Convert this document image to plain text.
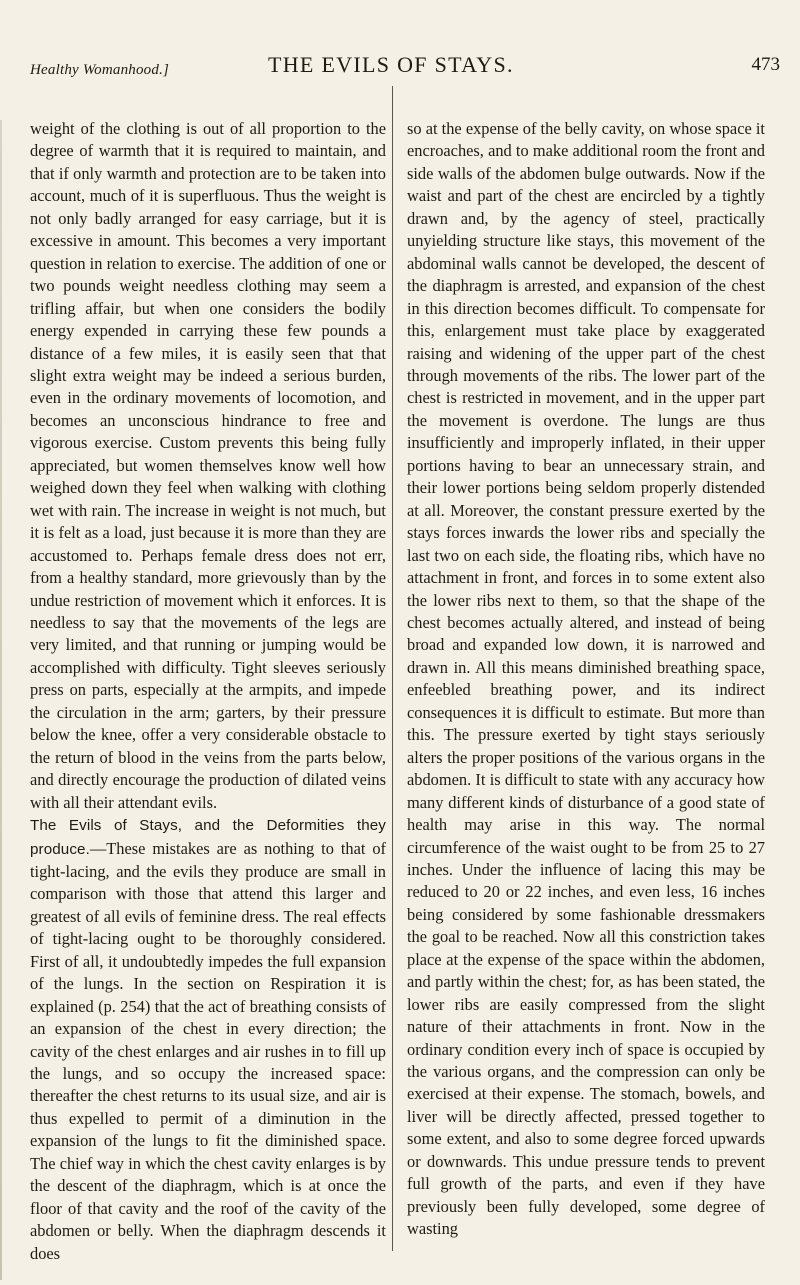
Healthy Womanhood.]	THE EVILS OF STAYS.	473

weight of the clothing is out of all proportion to the degree of warmth that it is required to maintain, and that if only warmth and protection are to be taken into account, much of it is superfluous. Thus the weight is not only badly arranged for easy carriage, but it is excessive in amount. This becomes a very important question in relation to exercise. The addition of one or two pounds weight needless clothing may seem a trifling affair, but when one considers the bodily energy expended in carrying these few pounds a distance of a few miles, it is easily seen that that slight extra weight may be indeed a serious burden, even in the ordinary movements of locomotion, and becomes an unconscious hindrance to free and vigorous exercise. Custom prevents this being fully appreciated, but women themselves know well how weighed down they feel when walking with clothing wet with rain. The increase in weight is not much, but it is felt as a load, just because it is more than they are accustomed to. Perhaps female dress does not err, from a healthy standard, more grievously than by the undue restriction of movement which it enforces. It is needless to say that the movements of the legs are very limited, and that running or jumping would be accomplished with difficulty. Tight sleeves seriously press on parts, especially at the armpits, and impede the circulation in the arm; garters, by their pressure below the knee, offer a very considerable obstacle to the return of blood in the veins from the parts below, and directly encourage the production of dilated veins with all their attendant evils.

The Evils of Stays, and the Deformities they produce.—These mistakes are as nothing to that of tight-lacing, and the evils they produce are small in comparison with those that attend this larger and greatest of all evils of feminine dress. The real effects of tight-lacing ought to be thoroughly considered. First of all, it undoubtedly impedes the full expansion of the lungs. In the section on Respiration it is explained (p. 254) that the act of breathing consists of an expansion of the chest in every direction; the cavity of the chest enlarges and air rushes in to fill up the lungs, and so occupy the increased space: thereafter the chest returns to its usual size, and air is thus expelled to permit of a diminution in the expansion of the lungs to fit the diminished space. The chief way in which the chest cavity enlarges is by the descent of the diaphragm, which is at once the floor of that cavity and the roof of the cavity of the abdomen or belly. When the diaphragm descends it does

so at the expense of the belly cavity, on whose space it encroaches, and to make additional room the front and side walls of the abdomen bulge outwards. Now if the waist and part of the chest are encircled by a tightly drawn and, by the agency of steel, practically unyielding structure like stays, this movement of the abdominal walls cannot be developed, the descent of the diaphragm is arrested, and expansion of the chest in this direction becomes difficult. To compensate for this, enlargement must take place by exaggerated raising and widening of the upper part of the chest through movements of the ribs. The lower part of the chest is restricted in movement, and in the upper part the movement is overdone. The lungs are thus insufficiently and improperly inflated, in their upper portions having to bear an unnecessary strain, and their lower portions being seldom properly distended at all. Moreover, the constant pressure exerted by the stays forces inwards the lower ribs and specially the last two on each side, the floating ribs, which have no attachment in front, and forces in to some extent also the lower ribs next to them, so that the shape of the chest becomes actually altered, and instead of being broad and expanded low down, it is narrowed and drawn in. All this means diminished breathing space, enfeebled breathing power, and its indirect consequences it is difficult to estimate. But more than this. The pressure exerted by tight stays seriously alters the proper positions of the various organs in the abdomen. It is difficult to state with any accuracy how many different kinds of disturbance of a good state of health may arise in this way. The normal circumference of the waist ought to be from 25 to 27 inches. Under the influence of lacing this may be reduced to 20 or 22 inches, and even less, 16 inches being considered by some fashionable dressmakers the goal to be reached. Now all this constriction takes place at the expense of the space within the abdomen, and partly within the chest; for, as has been stated, the lower ribs are easily compressed from the slight nature of their attachments in front. Now in the ordinary condition every inch of space is occupied by the various organs, and the compression can only be exercised at their expense. The stomach, bowels, and liver will be directly affected, pressed together to some extent, and also to some degree forced upwards or downwards. This undue pressure tends to prevent full growth of the parts, and even if they have previously been fully developed, some degree of wasting
